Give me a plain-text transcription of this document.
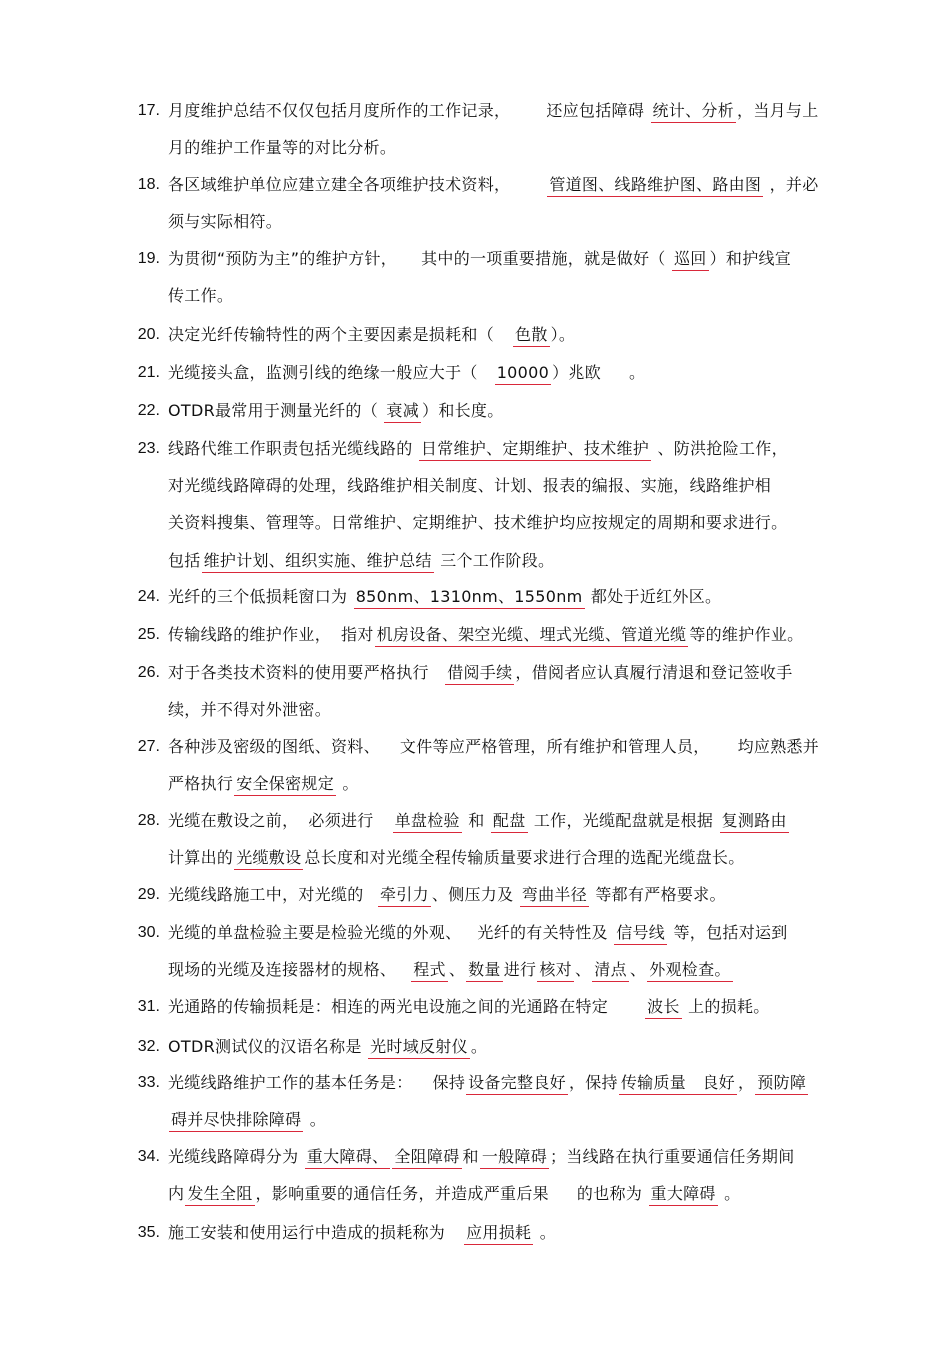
17. 月度维护总结不仅仅包括月度所作的工作记录， 还应包括障碍 统计、分析 ，当月与上
月的维护工作量等的对比分析。
18. 各区域维护单位应建立建全各项维护技术资料， 管道图、线路维护图、路由图 ，并必
须与实际相符。
19. 为贯彻“预防为主”的维护方针， 其中的一项重要措施，就是做好（ 巡回 ）和护线宣
传工作。
20. 决定光纤传输特性的两个主要因素是损耗和（ 色散 ）。
21. 光缆接头盒，监测引线的绝缘一般应大于（ 10000 ）兆欧 。
22. OTDR最常用于测量光纤的（ 衰减 ）和长度。
23. 线路代维工作职责包括光缆线路的 日常维护、定期维护、技术维护 、防洪抢险工作，
对光缆线路障碍的处理，线路维护相关制度、计划、报表的编报、实施，线路维护相
关资料搜集、管理等。日常维护、定期维护、技术维护均应按规定的周期和要求进行。
包括 维护计划、组织实施、维护总结 三个工作阶段。
24. 光纤的三个低损耗窗口为 850nm、1310nm、1550nm 都处于近红外区。
25. 传输线路的维护作业， 指对 机房设备、架空光缆、埋式光缆、管道光缆 等的维护作业。
26. 对于各类技术资料的使用要严格执行 借阅手续 ，借阅者应认真履行清退和登记签收手
续，并不得对外泄密。
27. 各种涉及密级的图纸、资料、 文件等应严格管理，所有维护和管理人员， 均应熟悉并
严格执行 安全保密规定 。
28. 光缆在敷设之前， 必须进行 单盘检验 和 配盘 工作，光缆配盘就是根据 复测路由
计算出的 光缆敷设 总长度和对光缆全程传输质量要求进行合理的选配光缆盘长。
29. 光缆线路施工中，对光缆的 牵引力 、侧压力及 弯曲半径 等都有严格要求。
30. 光缆的单盘检验主要是检验光缆的外观、 光纤的有关特性及 信号线 等，包括对运到
现场的光缆及连接器材的规格、 程式 、 数量 进行 核对 、 清点 、 外观检查。
31. 光通路的传输损耗是：相连的两光电设施之间的光通路在特定 波长 上的损耗。
32. OTDR测试仪的汉语名称是 光时域反射仪 。
33. 光缆线路维护工作的基本任务是： 保持 设备完整良好 ，保持 传输质量　良好 ， 预防障
碍并尽快排除障碍 。
34. 光缆线路障碍分为 重大障碍、 全阻障碍 和 一般障碍 ；当线路在执行重要通信任务期间
内 发生全阻 ，影响重要的通信任务，并造成严重后果 的也称为 重大障碍 。
35. 施工安装和使用运行中造成的损耗称为 应用损耗 。
